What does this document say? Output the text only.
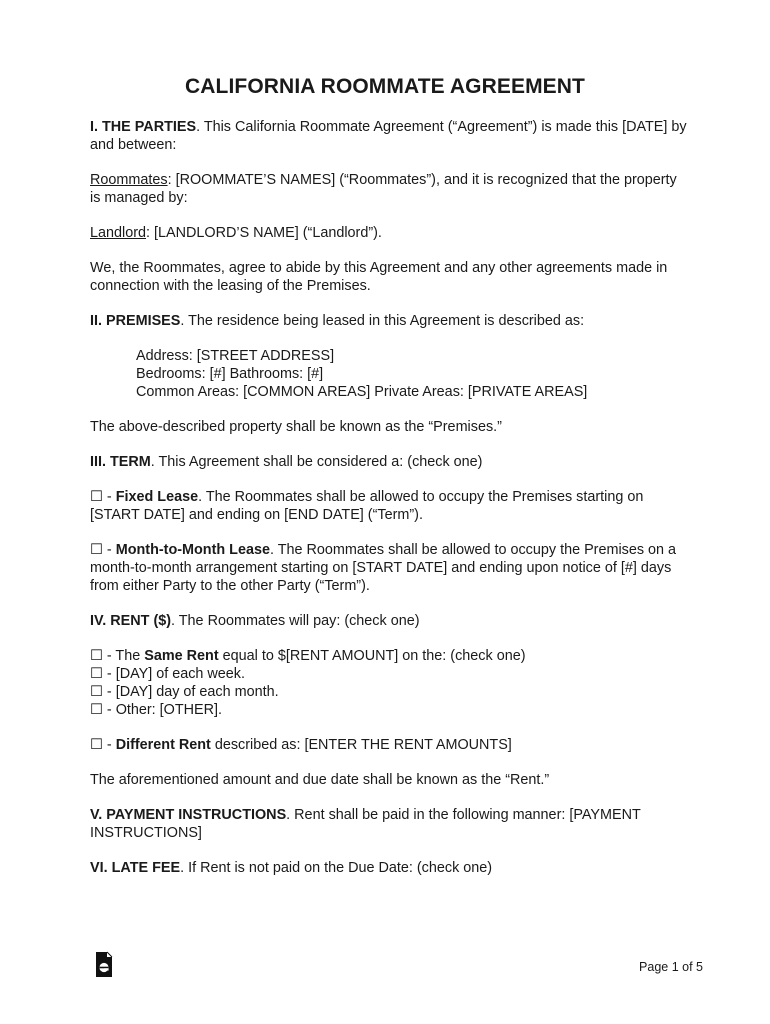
CALIFORNIA ROOMMATE AGREEMENT

I. THE PARTIES. This California Roommate Agreement (“Agreement”) is made this [DATE] by and between:

Roommates: [ROOMMATE’S NAMES] (“Roommates”), and it is recognized that the property is managed by:

Landlord: [LANDLORD’S NAME] (“Landlord”).

We, the Roommates, agree to abide by this Agreement and any other agreements made in connection with the leasing of the Premises.

II. PREMISES. The residence being leased in this Agreement is described as:

Address: [STREET ADDRESS]

Bedrooms: [#] Bathrooms: [#]

Common Areas: [COMMON AREAS] Private Areas: [PRIVATE AREAS]

The above-described property shall be known as the “Premises.”

III. TERM. This Agreement shall be considered a: (check one)

☐ - Fixed Lease. The Roommates shall be allowed to occupy the Premises starting on [START DATE] and ending on [END DATE] (“Term”).

☐ - Month-to-Month Lease. The Roommates shall be allowed to occupy the Premises on a month-to-month arrangement starting on [START DATE] and ending upon notice of [#] days from either Party to the other Party (“Term”).

IV. RENT ($). The Roommates will pay: (check one)

☐ - The Same Rent equal to $[RENT AMOUNT] on the: (check one)

☐ - [DAY] of each week.

☐ - [DAY] day of each month.

☐ - Other: [OTHER].

☐ - Different Rent described as: [ENTER THE RENT AMOUNTS]

The aforementioned amount and due date shall be known as the “Rent.”

V. PAYMENT INSTRUCTIONS. Rent shall be paid in the following manner: [PAYMENT INSTRUCTIONS]

VI. LATE FEE. If Rent is not paid on the Due Date: (check one)

Page 1 of 5
